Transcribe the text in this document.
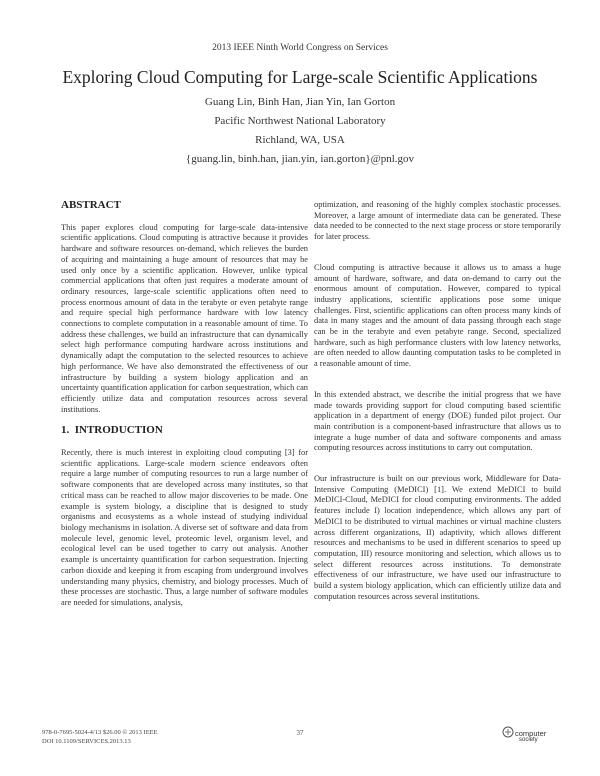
2013 IEEE Ninth World Congress on Services
Exploring Cloud Computing for Large-scale Scientific Applications
Guang Lin, Binh Han, Jian Yin, Ian Gorton
Pacific Northwest National Laboratory
Richland, WA, USA
{guang.lin, binh.han, jian.yin, ian.gorton}@pnl.gov
ABSTRACT

This paper explores cloud computing for large-scale data-intensive scientific applications. Cloud computing is attractive because it provides hardware and software resources on-demand, which relieves the burden of acquiring and maintaining a huge amount of resources that may be used only once by a scientific application. However, unlike typical commercial applications that often just requires a moderate amount of ordinary resources, large-scale scientific applications often need to process enormous amount of data in the terabyte or even petabyte range and require special high performance hardware with low latency connections to complete computation in a reasonable amount of time. To address these challenges, we build an infrastructure that can dynamically select high performance computing hardware across institutions and dynamically adapt the computation to the selected resources to achieve high performance. We have also demonstrated the effectiveness of our infrastructure by building a system biology application and an uncertainty quantification application for carbon sequestration, which can efficiently utilize data and computation resources across several institutions.

1.  INTRODUCTION

Recently, there is much interest in exploiting cloud computing [3] for scientific applications. Large-scale modern science endeavors often require a large number of computing resources to run a large number of software components that are developed across many institutes, so that critical mass can be reached to allow major discoveries to be made. One example is system biology, a discipline that is designed to study organisms and ecosystems as a whole instead of studying individual biology mechanisms in isolation. A diverse set of software and data from molecule level, genomic level, proteomic level, organism level, and ecological level can be used together to carry out analysis. Another example is uncertainty quantification for carbon sequestration. Injecting carbon dioxide and keeping it from escaping from underground involves understanding many physics, chemistry, and biology processes. Much of these processes are stochastic. Thus, a large number of software modules are needed for simulations, analysis,

optimization, and reasoning of the highly complex stochastic processes. Moreover, a large amount of intermediate data can be generated. These data needed to be connected to the next stage process or store temporarily for later process.

Cloud computing is attractive because it allows us to amass a huge amount of hardware, software, and data on-demand to carry out the enormous amount of computation. However, compared to typical industry applications, scientific applications pose some unique challenges. First, scientific applications can often process many kinds of data in many stages and the amount of data passing through each stage can be in the terabyte and even petabyte range. Second, specialized hardware, such as high performance clusters with low latency networks, are often needed to allow daunting computation tasks to be completed in a reasonable amount of time.

In this extended abstract, we describe the initial progress that we have made towards providing support for cloud computing based scientific application in a department of energy (DOE) funded pilot project. Our main contribution is a component-based infrastructure that allows us to integrate a huge number of data and software components and amass computing resources across institutions to carry out computation.

Our infrastructure is built on our previous work, Middleware for Data-Intensive Computing (MeDICI) [1]. We extend MeDICI to build MeDICI-Cloud, MeDICI for cloud computing environments. The added features include I) location independence, which allows any part of MeDICI to be distributed to virtual machines or virtual machine clusters across different organizations, II) adaptivity, which allows different resources and mechanisms to be used in different scenarios to speed up computation, III) resource monitoring and selection, which allows us to select different resources across institutions. To demonstrate effectiveness of our infrastructure, we have used our infrastructure to build a system biology application, which can efficiently utilize data and computation resources across several institutions.

978-0-7695-5024-4/13 $26.00 © 2013 IEEE
DOI 10.1109/SERVICES.2013.13
37	computer
society
